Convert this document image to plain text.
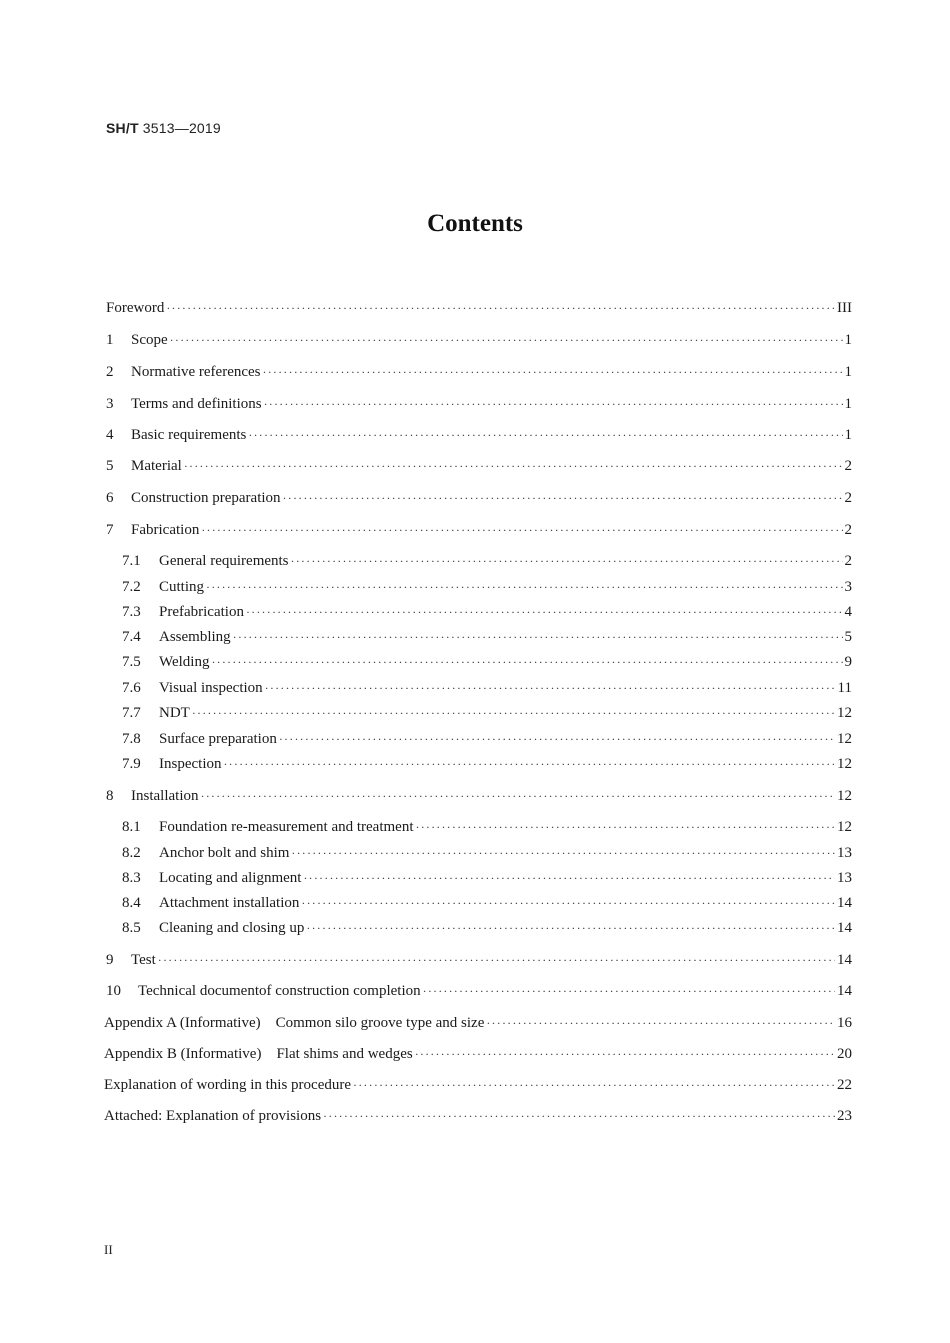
SH/T 3513—2019
Contents
Foreword ·····	III
1	Scope ·····	1
2	Normative references ·····	1
3	Terms and definitions ·····	1
4	Basic requirements ·····	1
5	Material ·····	2
6	Construction preparation ·····	2
7	Fabrication ·····	2
7.1	General requirements ·····	2
7.2	Cutting ·····	3
7.3	Prefabrication ·····	4
7.4	Assembling ·····	5
7.5	Welding ·····	9
7.6	Visual inspection ·····	11
7.7	NDT ·····	12
7.8	Surface preparation ·····	12
7.9	Inspection ·····	12
8	Installation ·····	12
8.1	Foundation re-measurement and treatment ·····	12
8.2	Anchor bolt and shim ·····	13
8.3	Locating and alignment ·····	13
8.4	Attachment installation ·····	14
8.5	Cleaning and closing up ·····	14
9	Test ·····	14
10	Technical documentof construction completion ·····	14
Appendix A (Informative)    Common silo groove type and size ·····	16
Appendix B (Informative)    Flat shims and wedges ·····	20
Explanation of wording in this procedure ·····	22
Attached: Explanation of provisions ·····	23
II
